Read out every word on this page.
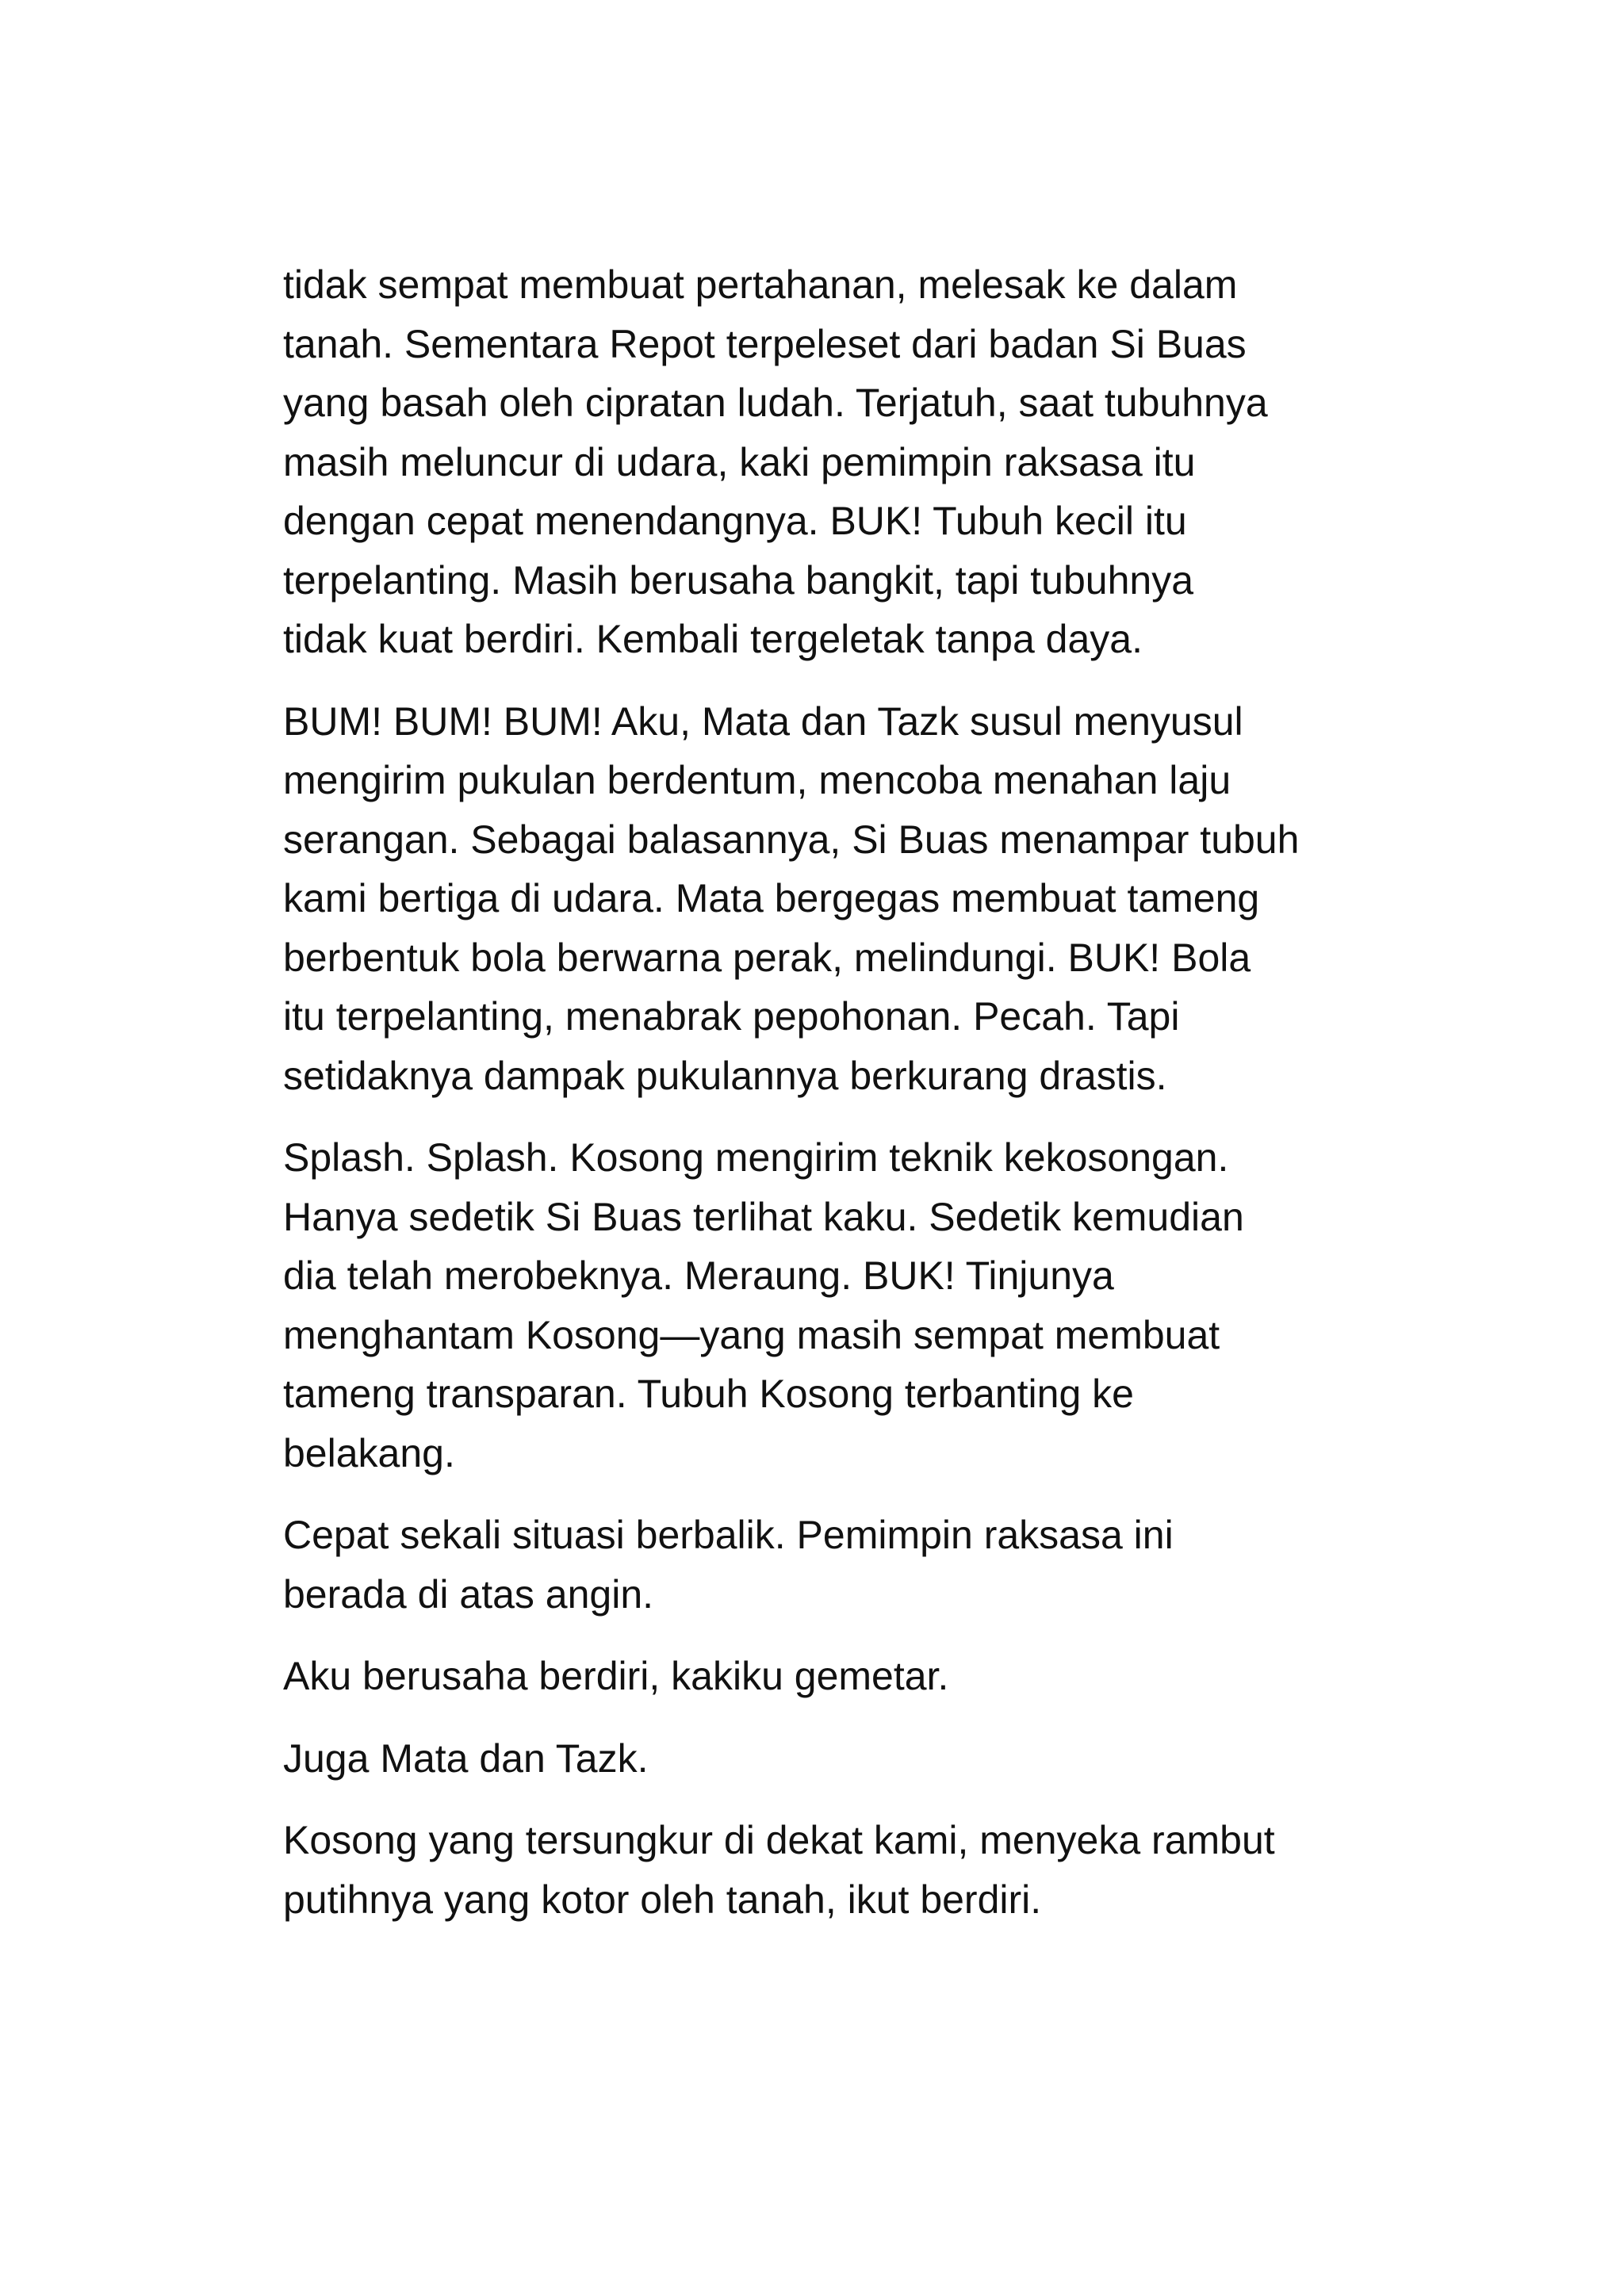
tidak sempat membuat pertahanan, melesak ke dalam
tanah. Sementara Repot terpeleset dari badan Si Buas
yang basah oleh cipratan ludah. Terjatuh, saat tubuhnya
masih meluncur di udara, kaki pemimpin raksasa itu
dengan cepat menendangnya. BUK! Tubuh kecil itu
terpelanting. Masih berusaha bangkit, tapi tubuhnya
tidak kuat berdiri. Kembali tergeletak tanpa daya.

BUM! BUM! BUM! Aku, Mata dan Tazk susul menyusul
mengirim pukulan berdentum, mencoba menahan laju
serangan. Sebagai balasannya, Si Buas menampar tubuh
kami bertiga di udara. Mata bergegas membuat tameng
berbentuk bola berwarna perak, melindungi. BUK! Bola
itu terpelanting, menabrak pepohonan. Pecah. Tapi
setidaknya dampak pukulannya berkurang drastis.

Splash. Splash. Kosong mengirim teknik kekosongan.
Hanya sedetik Si Buas terlihat kaku. Sedetik kemudian
dia telah merobeknya. Meraung. BUK! Tinjunya
menghantam Kosong—yang masih sempat membuat
tameng transparan. Tubuh Kosong terbanting ke
belakang.

Cepat sekali situasi berbalik. Pemimpin raksasa ini
berada di atas angin.

Aku berusaha berdiri, kakiku gemetar.

Juga Mata dan Tazk.

Kosong yang tersungkur di dekat kami, menyeka rambut
putihnya yang kotor oleh tanah, ikut berdiri.
